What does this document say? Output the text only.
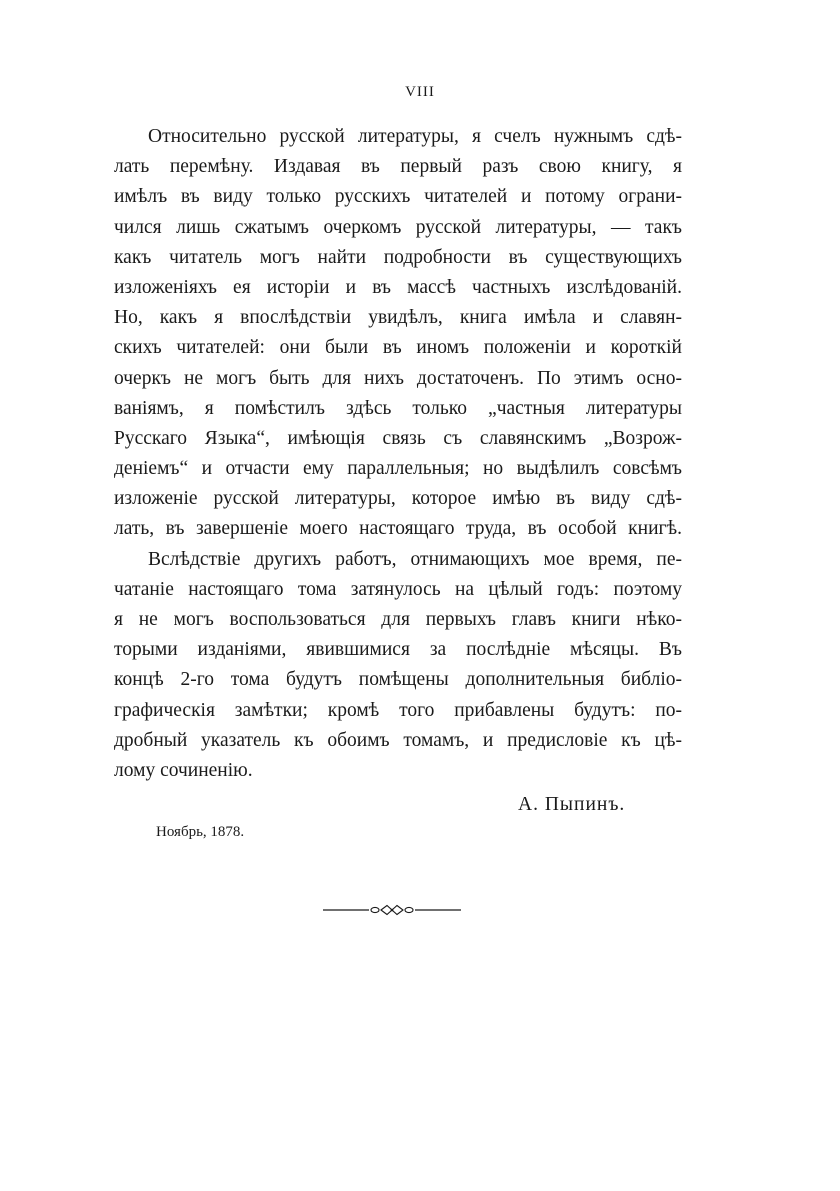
VIII
Относительно русской литературы, я счелъ нужнымъ сдѣ-
лать перемѣну. Издавая въ первый разъ свою книгу, я
имѣлъ въ виду только русскихъ читателей и потому ограни-
чился лишь сжатымъ очеркомъ русской литературы, — такъ
какъ читатель могъ найти подробности въ существующихъ
изложеніяхъ ея исторіи и въ массѣ частныхъ изслѣдованій.
Но, какъ я впослѣдствіи увидѣлъ, книга имѣла и славян-
скихъ читателей: они были въ иномъ положеніи и короткій
очеркъ не могъ быть для нихъ достаточенъ. По этимъ осно-
ваніямъ, я помѣстилъ здѣсь только „частныя литературы
Русскаго Языка“, имѣющія связь съ славянскимъ „Возрож-
деніемъ“ и отчасти ему параллельныя; но выдѣлилъ совсѣмъ
изложеніе русской литературы, которое имѣю въ виду сдѣ-
лать, въ завершеніе моего настоящаго труда, въ особой книгѣ.
Вслѣдствіе другихъ работъ, отнимающихъ мое время, пе-
чатаніе настоящаго тома затянулось на цѣлый годъ: поэтому
я не могъ воспользоваться для первыхъ главъ книги нѣко-
торыми изданіями, явившимися за послѣдніе мѣсяцы. Въ
концѣ 2-го тома будутъ помѣщены дополнительныя библіо-
графическія замѣтки; кромѣ того прибавлены будутъ: по-
дробный указатель къ обоимъ томамъ, и предисловіе къ цѣ-
лому сочиненію.
А. Пыпинъ.
Ноябрь, 1878.
